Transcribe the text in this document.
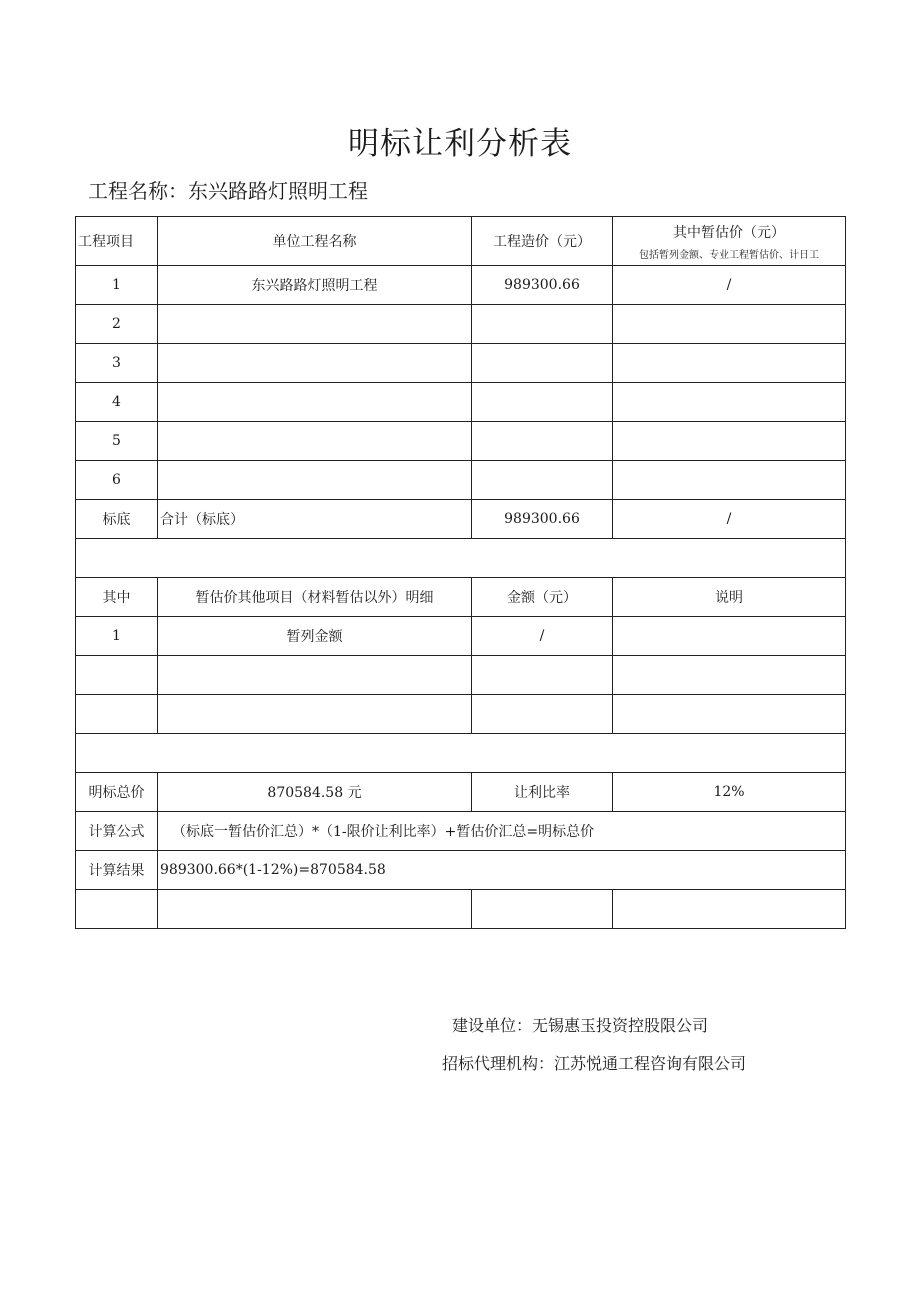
明标让利分析表
工程名称：东兴路路灯照明工程
工程项目	单位工程名称	工程造价（元）	其中暂估价（元）
包括暂列金额、专业工程暂估价、计日工

1	东兴路路灯照明工程	989300.66	/
2			
3			
4			
5			
6			
标底	合计（标底）	989300.66	/

其中	暂估价其他项目（材料暂估以外）明细	金额（元）	说明
1	暂列金额	/	

明标总价	870584.58 元	让利比率	12%
计算公式	（标底一暂估价汇总）*（1-限价让利比率）+暂估价汇总=明标总价		
计算结果	989300.66*(1-12%)=870584.58		

建设单位：无锡惠玉投资控股限公司
招标代理机构：江苏悦通工程咨询有限公司
